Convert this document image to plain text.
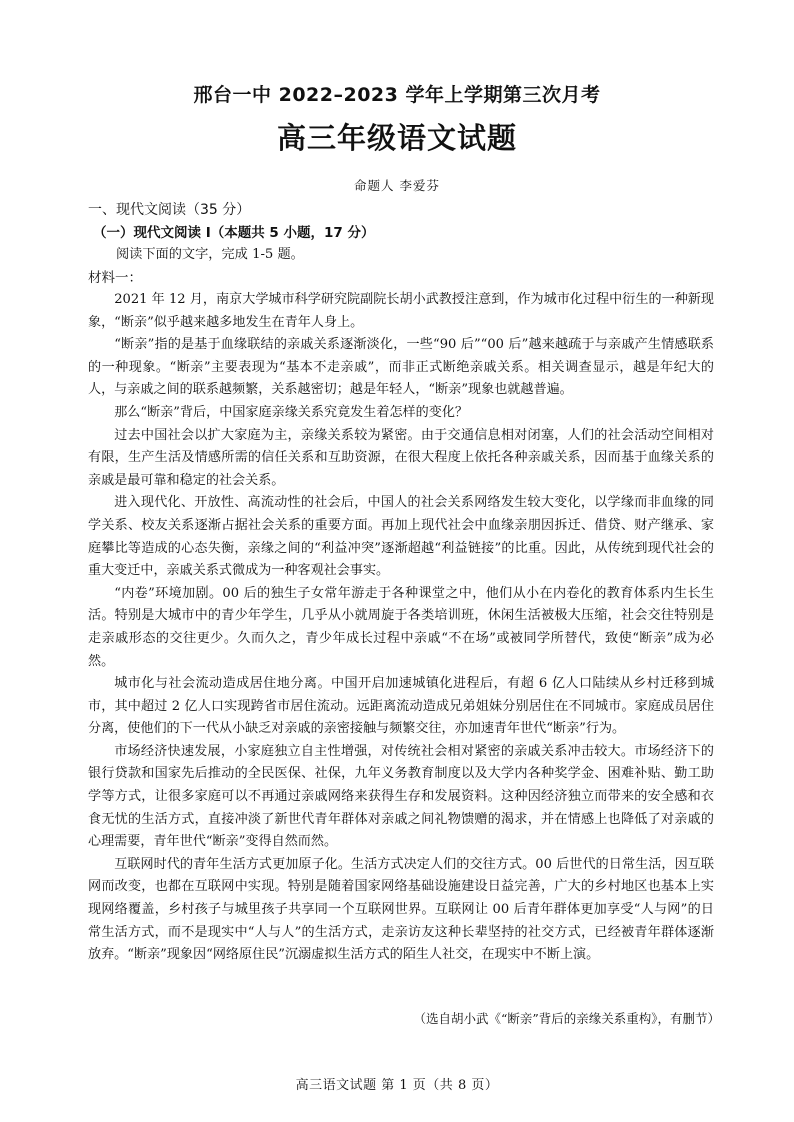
邢台一中 2022–2023 学年上学期第三次月考
高三年级语文试题
命题人 李爱芬
一、现代文阅读（35 分）
（一）现代文阅读 I（本题共 5 小题，17 分）
阅读下面的文字，完成 1-5 题。
材料一：

2021 年 12 月，南京大学城市科学研究院副院长胡小武教授注意到，作为城市化过程中衍生的一种新现象，“断亲”似乎越来越多地发生在青年人身上。

“断亲”指的是基于血缘联结的亲戚关系逐渐淡化，一些“90 后”“00 后”越来越疏于与亲戚产生情感联系的一种现象。“断亲”主要表现为“基本不走亲戚”，而非正式断绝亲戚关系。相关调查显示，越是年纪大的人，与亲戚之间的联系越频繁，关系越密切；越是年轻人，“断亲”现象也就越普遍。

那么“断亲”背后，中国家庭亲缘关系究竟发生着怎样的变化？

过去中国社会以扩大家庭为主，亲缘关系较为紧密。由于交通信息相对闭塞，人们的社会活动空间相对有限，生产生活及情感所需的信任关系和互助资源，在很大程度上依托各种亲戚关系，因而基于血缘关系的亲戚是最可靠和稳定的社会关系。

进入现代化、开放性、高流动性的社会后，中国人的社会关系网络发生较大变化，以学缘而非血缘的同学关系、校友关系逐渐占据社会关系的重要方面。再加上现代社会中血缘亲朋因拆迁、借贷、财产继承、家庭攀比等造成的心态失衡，亲缘之间的“利益冲突”逐渐超越“利益链接”的比重。因此，从传统到现代社会的重大变迁中，亲戚关系式微成为一种客观社会事实。

“内卷”环境加剧。00 后的独生子女常年游走于各种课堂之中，他们从小在内卷化的教育体系内生长生活。特别是大城市中的青少年学生，几乎从小就周旋于各类培训班，休闲生活被极大压缩，社会交往特别是走亲戚形态的交往更少。久而久之，青少年成长过程中亲戚“不在场”或被同学所替代，致使“断亲”成为必然。

城市化与社会流动造成居住地分离。中国开启加速城镇化进程后，有超 6 亿人口陆续从乡村迁移到城市，其中超过 2 亿人口实现跨省市居住流动。远距离流动造成兄弟姐妹分别居住在不同城市。家庭成员居住分离，使他们的下一代从小缺乏对亲戚的亲密接触与频繁交往，亦加速青年世代“断亲”行为。

市场经济快速发展，小家庭独立自主性增强，对传统社会相对紧密的亲戚关系冲击较大。市场经济下的银行贷款和国家先后推动的全民医保、社保，九年义务教育制度以及大学内各种奖学金、困难补贴、勤工助学等方式，让很多家庭可以不再通过亲戚网络来获得生存和发展资料。这种因经济独立而带来的安全感和衣食无忧的生活方式，直接冲淡了新世代青年群体对亲戚之间礼物馈赠的渴求，并在情感上也降低了对亲戚的心理需要，青年世代“断亲”变得自然而然。

互联网时代的青年生活方式更加原子化。生活方式决定人们的交往方式。00 后世代的日常生活，因互联网而改变，也都在互联网中实现。特别是随着国家网络基础设施建设日益完善，广大的乡村地区也基本上实现网络覆盖，乡村孩子与城里孩子共享同一个互联网世界。互联网让 00 后青年群体更加享受“人与网”的日常生活方式，而不是现实中“人与人”的生活方式，走亲访友这种长辈坚持的社交方式，已经被青年群体逐渐放弃。“断亲”现象因“网络原住民”沉溺虚拟生活方式的陌生人社交，在现实中不断上演。

（选自胡小武《“断亲”背后的亲缘关系重构》，有删节）
高三语文试题 第 1 页（共 8 页）
